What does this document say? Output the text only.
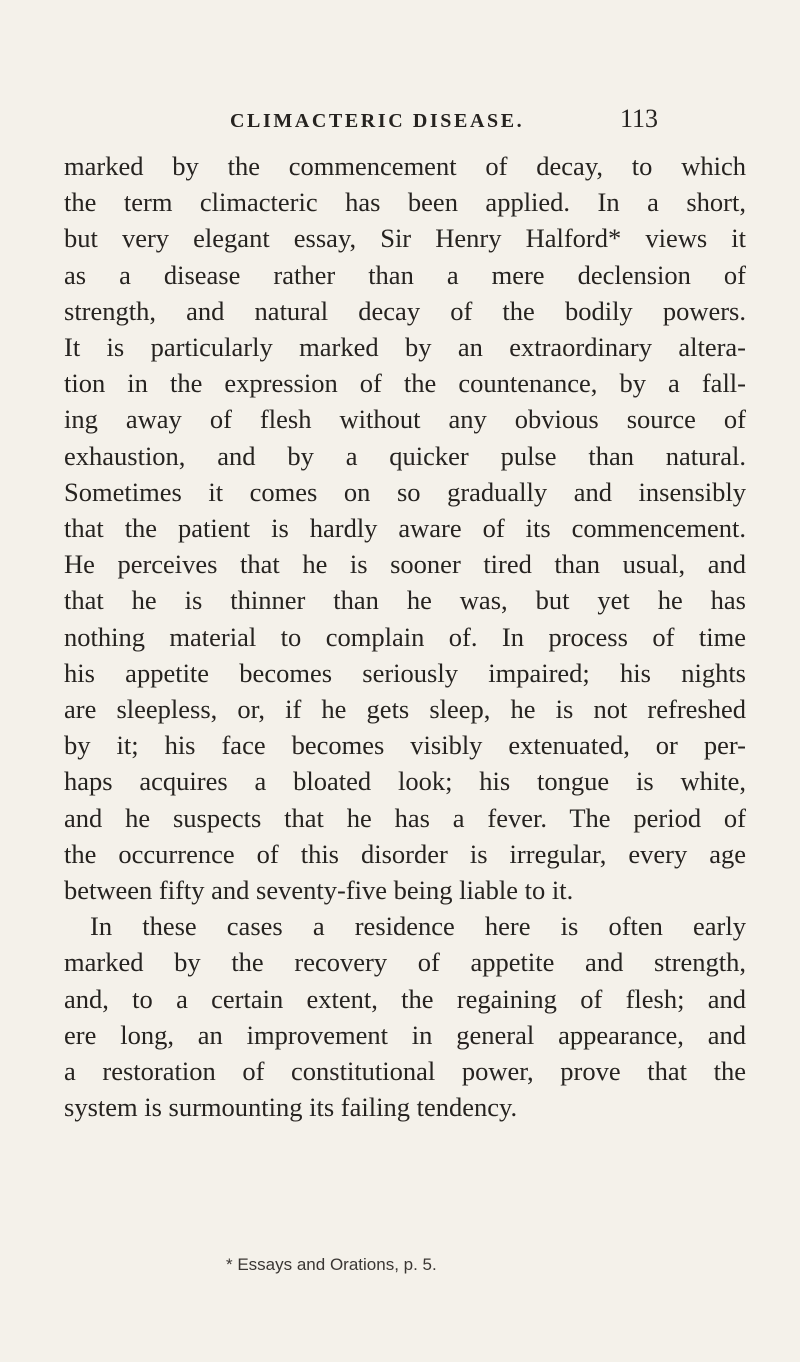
CLIMACTERIC DISEASE.	113
marked by the commencement of decay, to which
the term climacteric has been applied. In a short,
but very elegant essay, Sir Henry Halford* views it
as a disease rather than a mere declension of
strength, and natural decay of the bodily powers.
It is particularly marked by an extraordinary altera-
tion in the expression of the countenance, by a fall-
ing away of flesh without any obvious source of
exhaustion, and by a quicker pulse than natural.
Sometimes it comes on so gradually and insensibly
that the patient is hardly aware of its commencement.
He perceives that he is sooner tired than usual, and
that he is thinner than he was, but yet he has
nothing material to complain of. In process of time
his appetite becomes seriously impaired; his nights
are sleepless, or, if he gets sleep, he is not refreshed
by it; his face becomes visibly extenuated, or per-
haps acquires a bloated look; his tongue is white,
and he suspects that he has a fever. The period of
the occurrence of this disorder is irregular, every age
between fifty and seventy-five being liable to it.
In these cases a residence here is often early
marked by the recovery of appetite and strength,
and, to a certain extent, the regaining of flesh; and
ere long, an improvement in general appearance, and
a restoration of constitutional power, prove that the
system is surmounting its failing tendency.
* Essays and Orations, p. 5.
